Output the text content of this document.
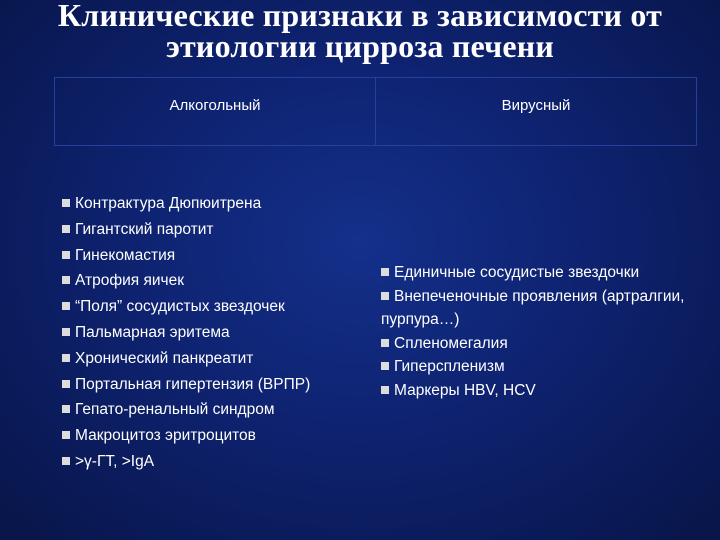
Клинические признаки в зависимости от
этиологии цирроза печени
Алкогольный	Вирусный
Контрактура Дюпюитрена
Гигантский паротит
Гинекомастия
Атрофия яичек
“Поля” сосудистых звездочек
Пальмарная эритема
Хронический панкреатит
Портальная гипертензия (ВРПР)
Гепато-ренальный синдром
Макроцитоз эритроцитов
>γ-ГТ, >IgA
Единичные сосудистые звездочки
Внепеченочные проявления (артралгии, пурпура…)
Спленомегалия
Гиперспленизм
Маркеры HBV, HCV
